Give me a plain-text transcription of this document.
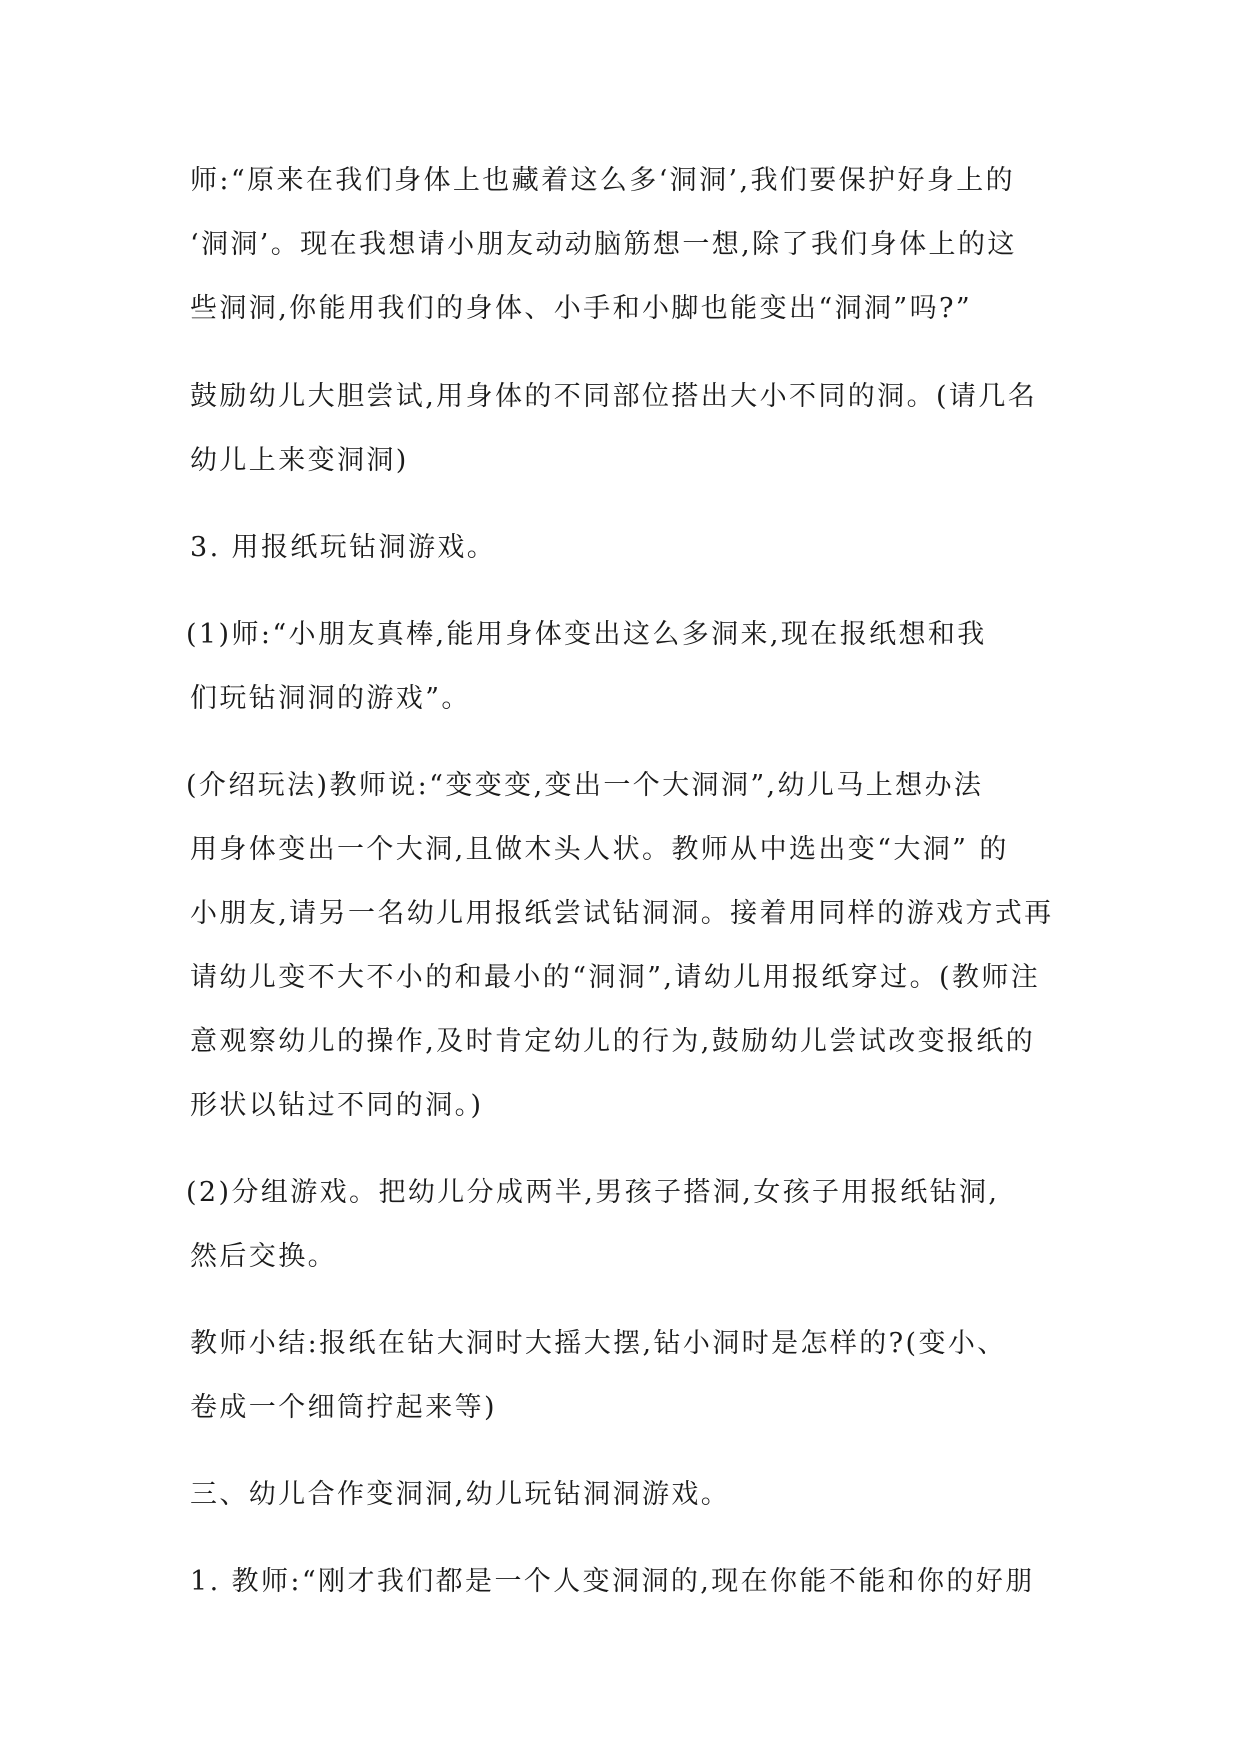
师:“原来在我们身体上也藏着这么多‘洞洞’,我们要保护好身上的
‘洞洞’。现在我想请小朋友动动脑筋想一想,除了我们身体上的这
些洞洞,你能用我们的身体、小手和小脚也能变出“洞洞”吗?”
鼓励幼儿大胆尝试,用身体的不同部位搭出大小不同的洞。(请几名
幼儿上来变洞洞)
3. 用报纸玩钻洞游戏。
(1)师:“小朋友真棒,能用身体变出这么多洞来,现在报纸想和我
们玩钻洞洞的游戏”。
(介绍玩法)教师说:“变变变,变出一个大洞洞”,幼儿马上想办法
用身体变出一个大洞,且做木头人状。教师从中选出变“大洞” 的
小朋友,请另一名幼儿用报纸尝试钻洞洞。接着用同样的游戏方式再
请幼儿变不大不小的和最小的“洞洞”,请幼儿用报纸穿过。(教师注
意观察幼儿的操作,及时肯定幼儿的行为,鼓励幼儿尝试改变报纸的
形状以钻过不同的洞。)
(2)分组游戏。把幼儿分成两半,男孩子搭洞,女孩子用报纸钻洞,
然后交换。
教师小结:报纸在钻大洞时大摇大摆,钻小洞时是怎样的?(变小、
卷成一个细筒拧起来等)
三、幼儿合作变洞洞,幼儿玩钻洞洞游戏。
1. 教师:“刚才我们都是一个人变洞洞的,现在你能不能和你的好朋
